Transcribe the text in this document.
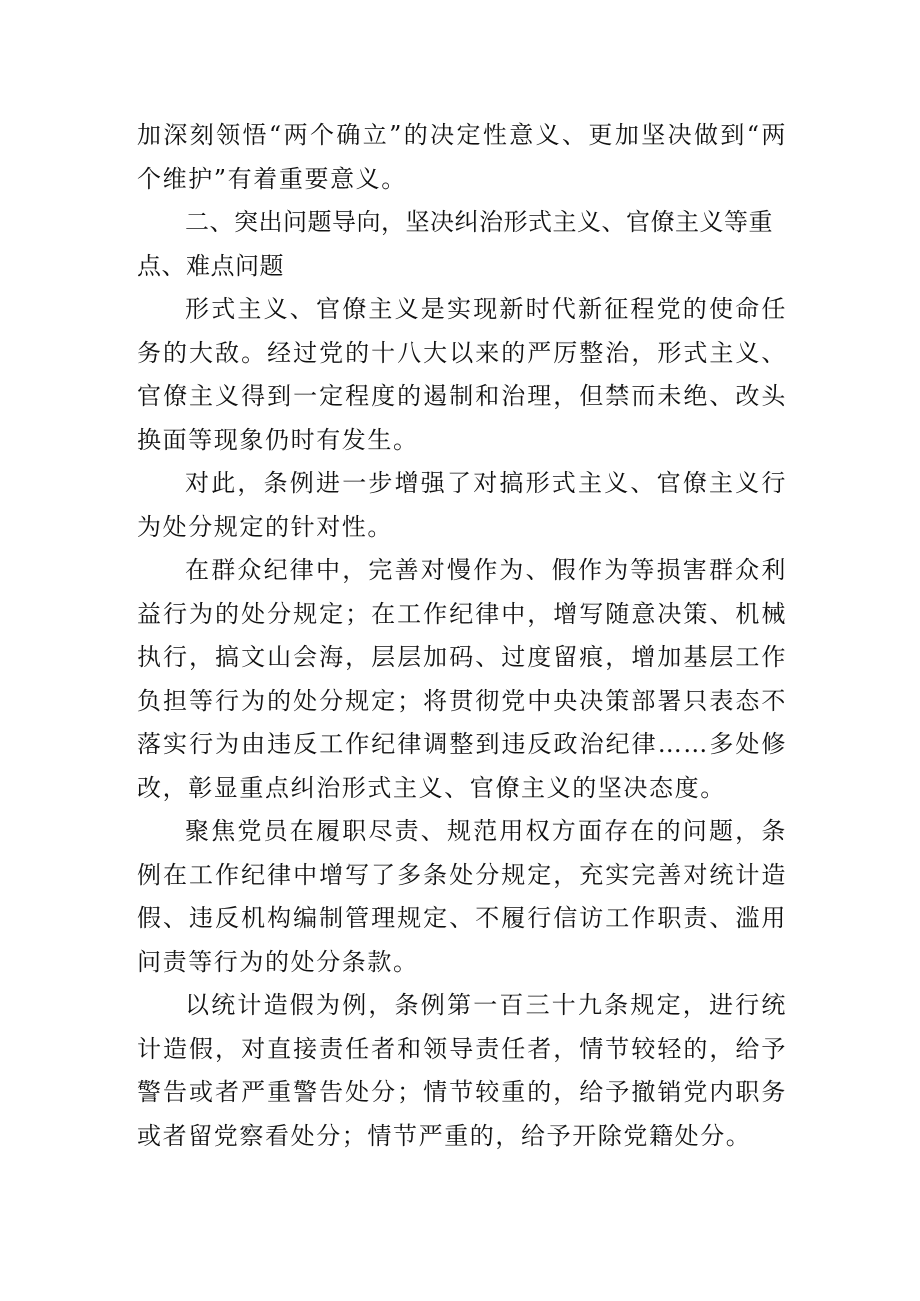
加深刻领悟“两个确立”的决定性意义、更加坚决做到“两个维护”有着重要意义。

二、突出问题导向，坚决纠治形式主义、官僚主义等重点、难点问题

形式主义、官僚主义是实现新时代新征程党的使命任务的大敌。经过党的十八大以来的严厉整治，形式主义、官僚主义得到一定程度的遏制和治理，但禁而未绝、改头换面等现象仍时有发生。

对此，条例进一步增强了对搞形式主义、官僚主义行为处分规定的针对性。

在群众纪律中，完善对慢作为、假作为等损害群众利益行为的处分规定；在工作纪律中，增写随意决策、机械执行，搞文山会海，层层加码、过度留痕，增加基层工作负担等行为的处分规定；将贯彻党中央决策部署只表态不落实行为由违反工作纪律调整到违反政治纪律……多处修改，彰显重点纠治形式主义、官僚主义的坚决态度。

聚焦党员在履职尽责、规范用权方面存在的问题，条例在工作纪律中增写了多条处分规定，充实完善对统计造假、违反机构编制管理规定、不履行信访工作职责、滥用问责等行为的处分条款。

以统计造假为例，条例第一百三十九条规定，进行统计造假，对直接责任者和领导责任者，情节较轻的，给予警告或者严重警告处分；情节较重的，给予撤销党内职务或者留党察看处分；情节严重的，给予开除党籍处分。
